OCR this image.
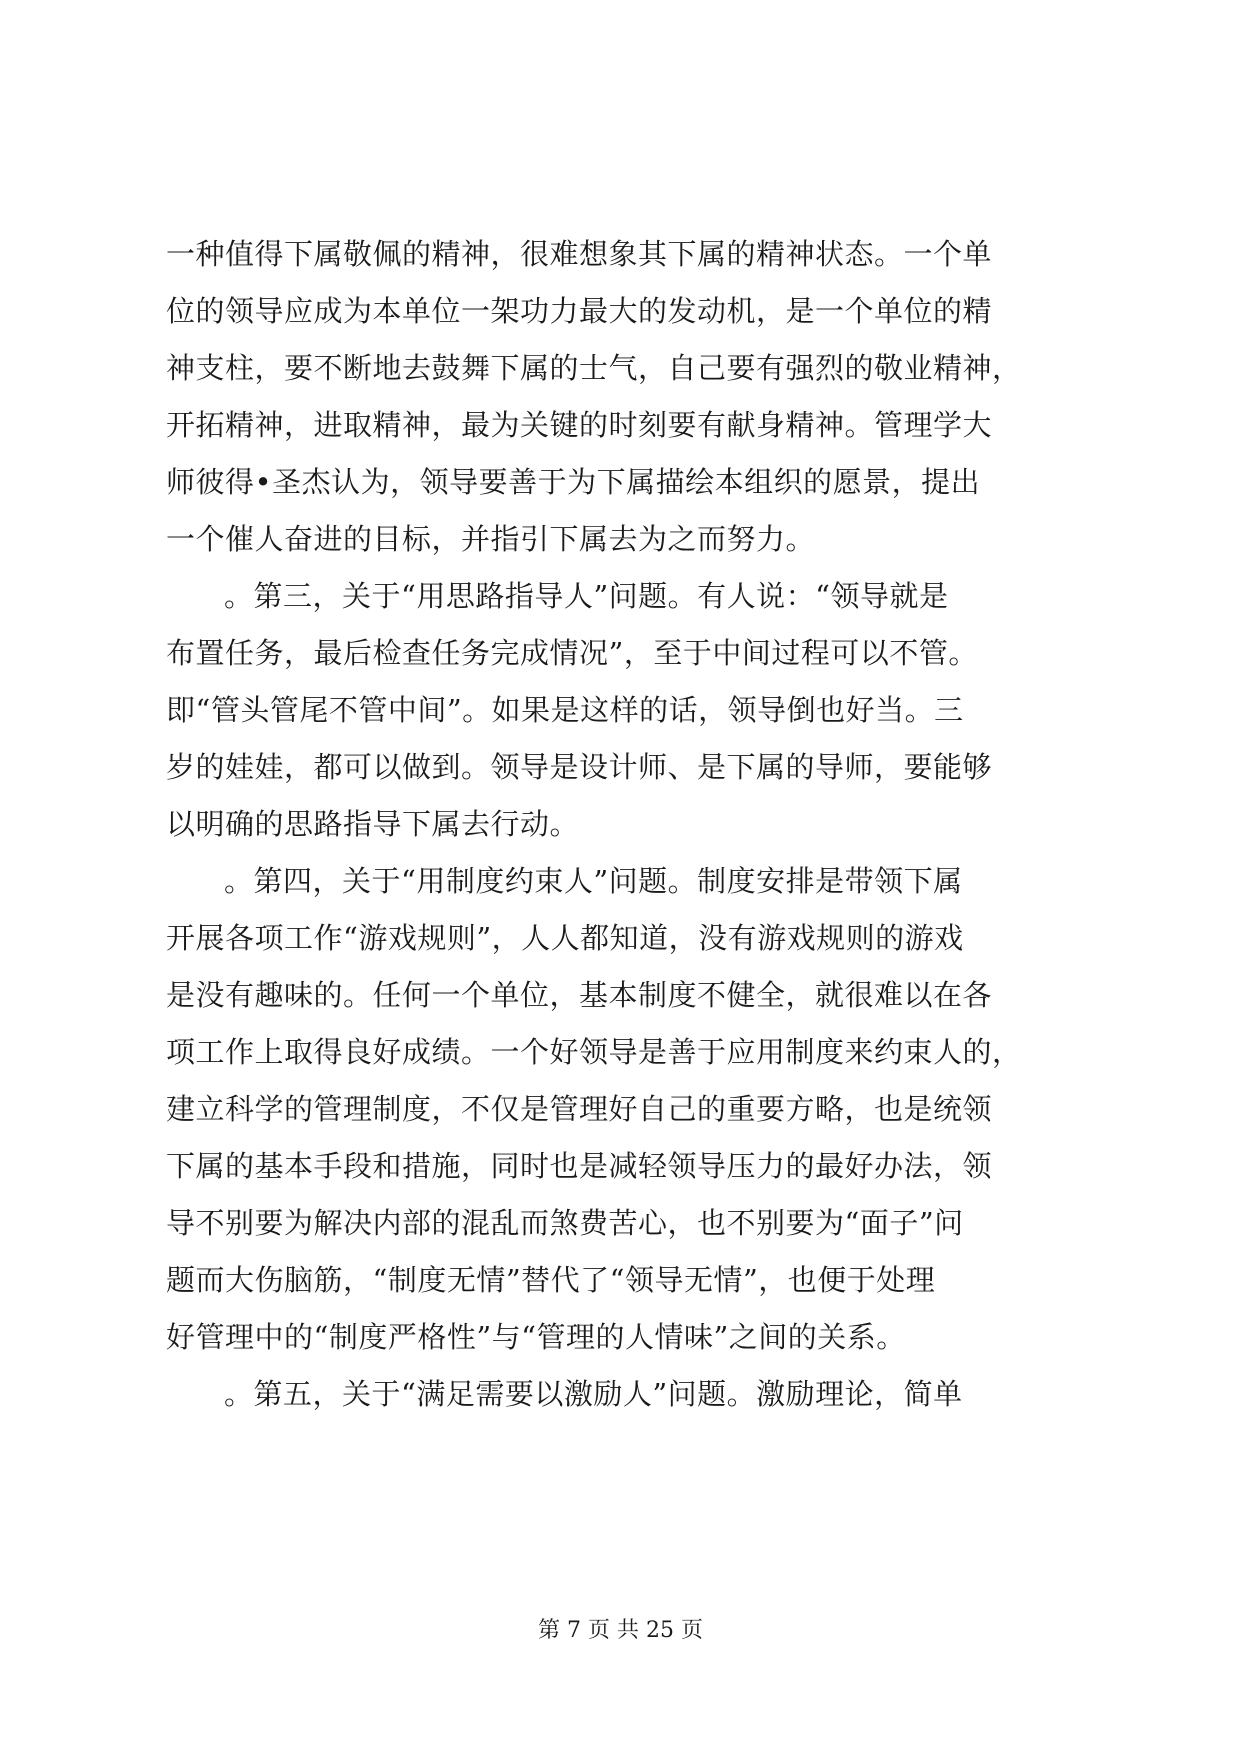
一种值得下属敬佩的精神，很难想象其下属的精神状态。一个单
位的领导应成为本单位一架功力最大的发动机，是一个单位的精
神支柱，要不断地去鼓舞下属的士气，自己要有强烈的敬业精神，
开拓精神，进取精神，最为关键的时刻要有献身精神。管理学大
师彼得•圣杰认为，领导要善于为下属描绘本组织的愿景，提出
一个催人奋进的目标，并指引下属去为之而努力。
。第三，关于“用思路指导人”问题。有人说：“领导就是
布置任务，最后检查任务完成情况”，至于中间过程可以不管。
即“管头管尾不管中间”。如果是这样的话，领导倒也好当。三
岁的娃娃，都可以做到。领导是设计师、是下属的导师，要能够
以明确的思路指导下属去行动。
。第四，关于“用制度约束人”问题。制度安排是带领下属
开展各项工作“游戏规则”，人人都知道，没有游戏规则的游戏
是没有趣味的。任何一个单位，基本制度不健全，就很难以在各
项工作上取得良好成绩。一个好领导是善于应用制度来约束人的，
建立科学的管理制度，不仅是管理好自己的重要方略，也是统领
下属的基本手段和措施，同时也是减轻领导压力的最好办法，领
导不别要为解决内部的混乱而煞费苦心，也不别要为“面子”问
题而大伤脑筋，“制度无情”替代了“领导无情”，也便于处理
好管理中的“制度严格性”与“管理的人情味”之间的关系。
。第五，关于“满足需要以激励人”问题。激励理论，简单
第 7 页 共 25 页
